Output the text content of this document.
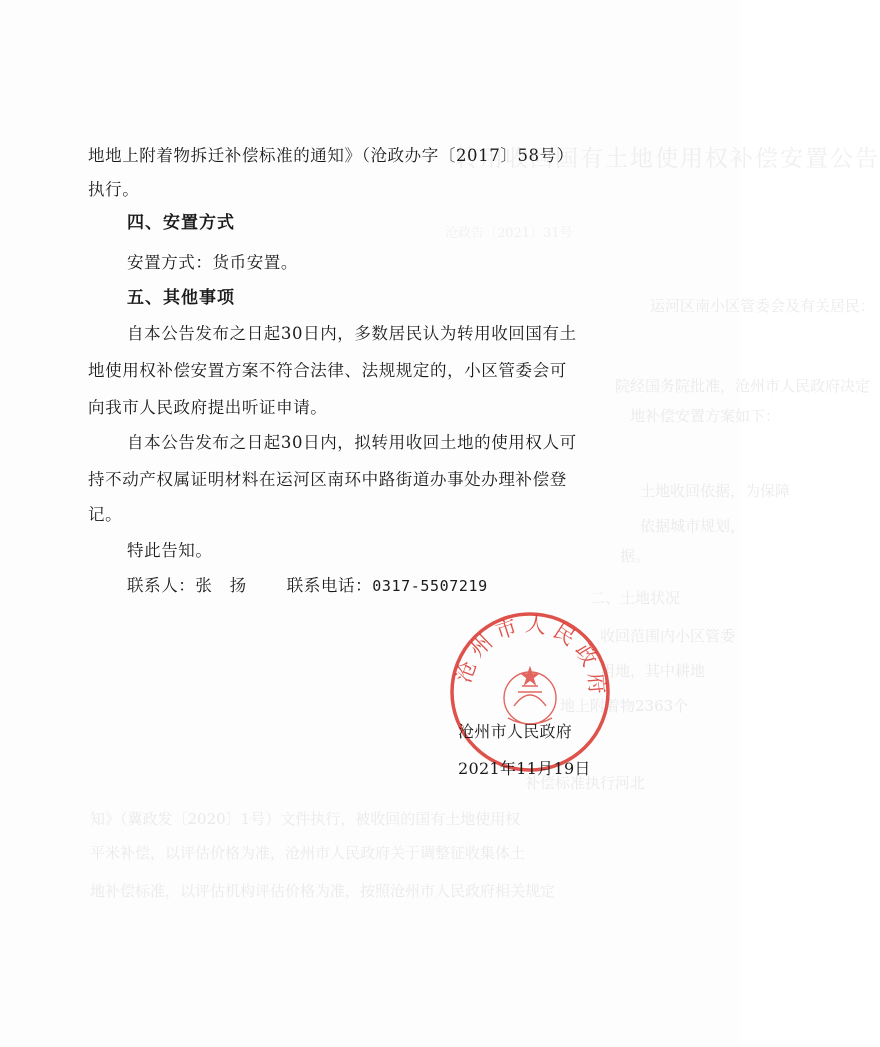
转用收回国有土地使用权补偿安置公告
沧政告〔2021〕31号
运河区南小区管委会及有关居民：
院经国务院批准，沧州市人民政府决定
地补偿安置方案如下：
土地收回依据，为保障
依据城市规划，
据。
二、土地状况
收回范围内小区管委
用地，其中耕地
地上附着物2363个
　　　　　　　　　　　　　　　　　　　　　　　　　　　　　补偿标准执行河北
知》（冀政发〔2020〕1号）文件执行，被收回的国有土地使用权
平米补偿，以评估价格为准，沧州市人民政府关于调整征收集体土
地补偿标准，以评估机构评估价格为准，按照沧州市人民政府相关规定
地地上附着物拆迁补偿标准的通知》（沧政办字〔2017〕58号）
执行。
四、安置方式
安置方式：货币安置。
五、其他事项
自本公告发布之日起30日内，多数居民认为转用收回国有土
地使用权补偿安置方案不符合法律、法规规定的，小区管委会可
向我市人民政府提出听证申请。
自本公告发布之日起30日内，拟转用收回土地的使用权人可
持不动产权属证明材料在运河区南环中路街道办事处办理补偿登
记。
特此告知。
联系人：张　扬 联系电话：0317-5507219
沧州市人民政府
沧州市人民政府
2021年11月19日
